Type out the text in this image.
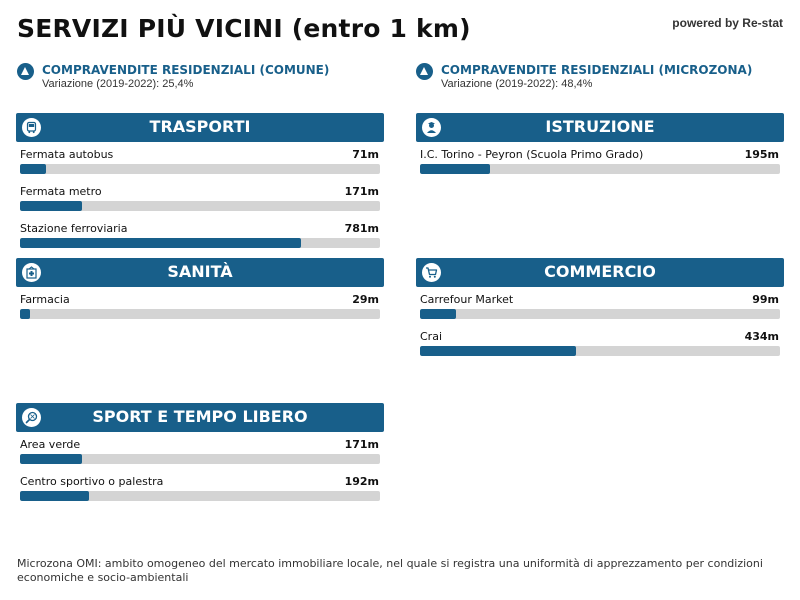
SERVIZI PIÙ VICINI (entro 1 km)	powered by Re-stat
COMPRAVENDITE RESIDENZIALI (COMUNE)
Variazione (2019-2022): 25,4%
COMPRAVENDITE RESIDENZIALI (MICROZONA)
Variazione (2019-2022): 48,4%
TRASPORTI
Fermata autobus	71m
Fermata metro	171m
Stazione ferroviaria	781m
ISTRUZIONE
I.C. Torino - Peyron (Scuola Primo Grado)	195m
SANITÀ
Farmacia	29m
COMMERCIO
Carrefour Market	99m
Crai	434m
SPORT E TEMPO LIBERO
Area verde	171m
Centro sportivo o palestra	192m
Microzona OMI: ambito omogeneo del mercato immobiliare locale, nel quale si registra una uniformità di apprezzamento per condizioni economiche e socio-ambientali
